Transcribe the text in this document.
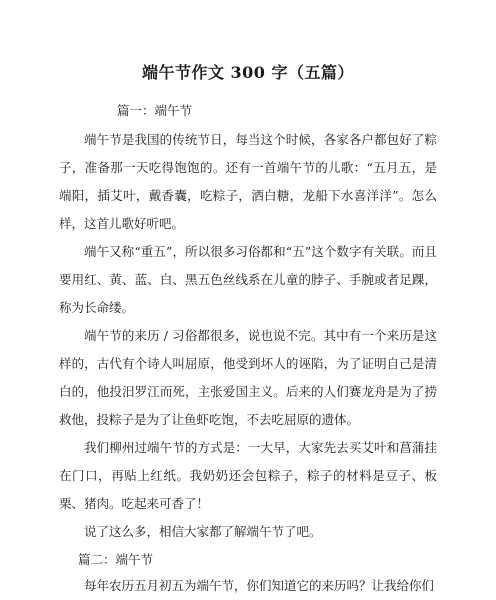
端午节作文 300 字（五篇）

篇一：端午节

端午节是我国的传统节日，每当这个时候，各家各户都包好了粽子，准备那一天吃得饱饱的。还有一首端午节的儿歌：“五月五，是端阳，插艾叶，戴香囊，吃粽子，洒白糖，龙船下水喜洋洋”。怎么样，这首儿歌好听吧。

端午又称“重五”，所以很多习俗都和“五”这个数字有关联。而且要用红、黄、蓝、白、黑五色丝线系在儿童的脖子、手腕或者足踝，称为长命缕。

端午节的来历 / 习俗都很多，说也说不完。其中有一个来历是这样的，古代有个诗人叫屈原，他受到坏人的诬陷，为了证明自己是清白的，他投汨罗江而死，主张爱国主义。后来的人们赛龙舟是为了捞救他，投粽子是为了让鱼虾吃饱，不去吃屈原的遗体。

我们柳州过端午节的方式是：一大早，大家先去买艾叶和菖蒲挂在门口，再贴上红纸。我奶奶还会包粽子，粽子的材料是豆子、板栗、猪肉。吃起来可香了！

说了这么多，相信大家都了解端午节了吧。

篇二：端午节

每年农历五月初五为端午节，你们知道它的来历吗？让我给你们
